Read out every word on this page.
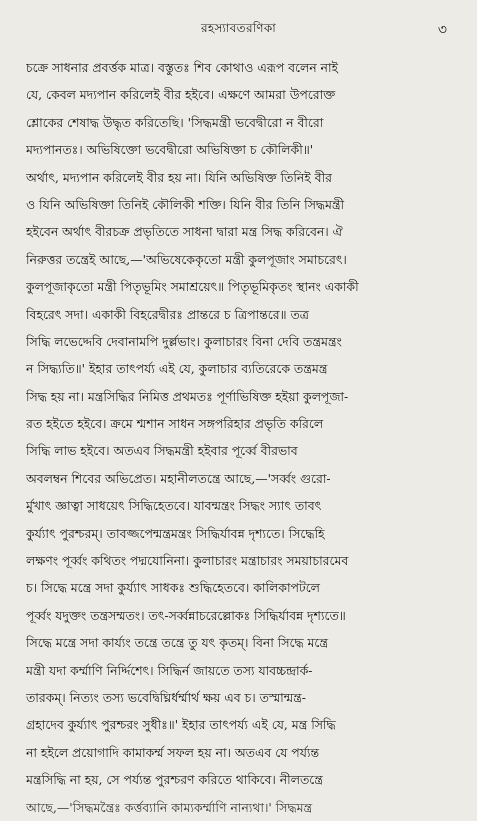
রহস্যাবতরণিকা	৩
চক্রে সাধনার প্রবর্ত্তক মাত্র। বস্তুতঃ শিব কোথাও এরূপ বলেন নাই
যে, কেবল মদ্যপান করিলেই বীর হইবে। এক্ষণে আমরা উপরোক্ত
শ্লোকের শেষাদ্ধ উদ্ধৃত করিতেছি। 'সিদ্ধমন্ত্রী ভবেদ্বীরো ন বীরো
মদ্যপানতঃ। অভিষিক্তো ভবেদ্বীরো অভিষিক্তা চ কৌলিকী॥'
অর্থাৎ, মদ্যপান করিলেই বীর হয় না। যিনি অভিষিক্ত তিনিই বীর
ও যিনি অভিষিক্তা তিনিই কৌলিকী শক্তি। যিনি বীর তিনি সিদ্ধমন্ত্রী
হইবেন অর্থাৎ বীরচক্র প্রভৃতিতে সাধনা দ্বারা মন্ত্র সিদ্ধ করিবেন। ঐ
নিরুত্তর তন্ত্রেই আছে,—'অভিষেকেকৃতো মন্ত্রী কুলপূজাং সমাচরেৎ।
কুলপূজাকৃতো মন্ত্রী পিতৃভূমিং সমাশ্রয়েৎ॥ পিতৃভূমিকৃতং স্থানং একাকী
বিহরেৎ সদা। একাকী বিহরেদ্বীরঃ প্রান্তরে চ ত্রিপান্তরে॥ তত্র
সিদ্ধি লভেদ্দেবি দেবানামপি দুর্ল্লভাং। কুলাচারং বিনা দেবি তন্ত্রমন্ত্রং
ন সিদ্ধ্যতি॥' ইহার তাৎপর্য্য এই যে, কুলাচার ব্যতিরেকে তন্ত্রমন্ত্র
সিদ্ধ হয় না। মন্ত্রসিদ্ধির নিমিত্ত প্রথমতঃ পূর্ণাভিষিক্ত হইয়া কুলপূজা-
রত হইতে হইবে। ক্রমে শ্মশান সাধন সঙ্গপরিহার প্রভৃতি করিলে
সিদ্ধি লাভ হইবে। অতএব সিদ্ধমন্ত্রী হইবার পূর্ব্বে বীরভাব
অবলম্বন শিবের অভিপ্রেত। মহানীলতন্ত্রে আছে,—'সর্ব্বং গুরো-
র্মুখাৎ জ্ঞাত্বা সাধয়েৎ সিদ্ধিহেতবে। যাবন্মন্ত্রং সিদ্ধং স্যাৎ তাবৎ
কুর্য্যাৎ পুরশ্চরম্। তাবজ্জপেন্মন্ত্রমন্ত্রং সিদ্ধির্যাবন্ন দৃশ্যতে। সিদ্ধেহি
লক্ষণং পূর্ব্বং কথিতং পদ্মযোনিনা। কুলাচারং মন্ত্রাচারং সময়াচারমেব
চ। সিদ্ধে মন্ত্রে সদা কুর্য্যাৎ সাধকঃ শুদ্ধিহেতবে। কালিকাপটলে
পূর্ব্বং যদুক্তং তন্ত্রসম্মতং। তৎ-সর্ব্বন্নাচরেল্লোকঃ সিদ্ধির্যাবন্ন দৃশ্যতে॥
সিদ্ধে মন্ত্রে সদা কার্য্যং তন্ত্রে তন্ত্রে তু যৎ কৃতম্। বিনা সিদ্ধে মন্ত্রে
মন্ত্রী যদা কর্ম্মাণি নির্দ্দিশেৎ। সিদ্ধির্ন জায়তে তস্য যাবচ্চন্দ্রার্ক-
তারকম্। নিত্যং তস্য ভবেদ্বিঘ্নির্ধর্ম্মার্থ ক্ষয় এব চ। তস্মান্মন্ত্র-
গ্রহাদেব কুর্য্যাৎ পুরশ্চরং সুধীঃ॥' ইহার তাৎপর্য্য এই যে, মন্ত্র সিদ্ধি
না হইলে প্রয়োগাদি কামাকর্ম্ম সফল হয় না। অতএব যে পর্য্যন্ত
মন্ত্রসিদ্ধি না হয়, সে পর্য্যন্ত পুরশ্চরণ করিতে থাকিবে। নীলতন্ত্রে
আছে,—'সিদ্ধমন্ত্রৈঃ কর্ত্তব্যানি কাম্যকর্ম্মাণি নান্যথা।' সিদ্ধমন্ত্র
